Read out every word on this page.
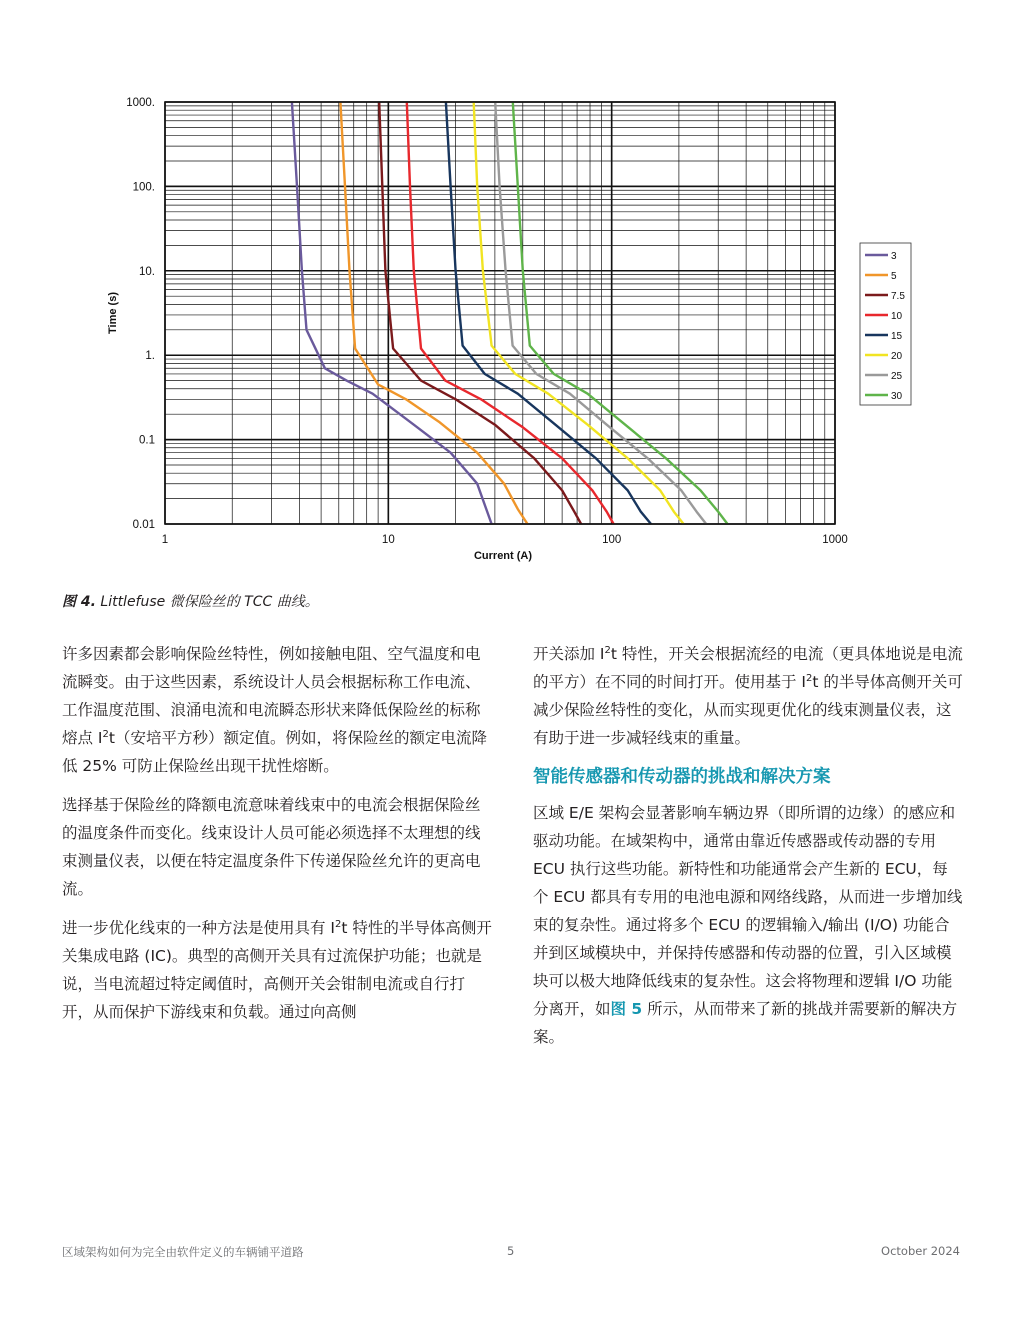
1	10	100	1000
1000.
100.
10.
1.
0.1
0.01
Current (A)
Time (s)
3
5
7.5
10
15
20
25
30
图 4. Littlefuse 微保险丝的 TCC 曲线。

许多因素都会影响保险丝特性，例如接触电阻、空气温度和电流瞬变。由于这些因素，系统设计人员会根据标称工作电流、工作温度范围、浪涌电流和电流瞬态形状来降低保险丝的标称熔点 $I^2t$（安培平方秒）额定值。例如，将保险丝的额定电流降低 25% 可防止保险丝出现干扰性熔断。

选择基于保险丝的降额电流意味着线束中的电流会根据保险丝的温度条件而变化。线束设计人员可能必须选择不太理想的线束测量仪表，以便在特定温度条件下传递保险丝允许的更高电流。

进一步优化线束的一种方法是使用具有 $I^2t$ 特性的半导体高侧开关集成电路 (IC)。典型的高侧开关具有过流保护功能；也就是说，当电流超过特定阈值时，高侧开关会钳制电流或自行打开，从而保护下游线束和负载。通过向高侧

开关添加 $I^2t$ 特性，开关会根据流经的电流（更具体地说是电流的平方）在不同的时间打开。使用基于 $I^2t$ 的半导体高侧开关可减少保险丝特性的变化，从而实现更优化的线束测量仪表，这有助于进一步减轻线束的重量。

智能传感器和传动器的挑战和解决方案

区域 E/E 架构会显著影响车辆边界（即所谓的边缘）的感应和驱动功能。在域架构中，通常由靠近传感器或传动器的专用 ECU 执行这些功能。新特性和功能通常会产生新的 ECU，每个 ECU 都具有专用的电池电源和网络线路，从而进一步增加线束的复杂性。通过将多个 ECU 的逻辑输入/输出 (I/O) 功能合并到区域模块中，并保持传感器和传动器的位置，引入区域模块可以极大地降低线束的复杂性。这会将物理和逻辑 I/O 功能分离开，如图 5 所示，从而带来了新的挑战并需要新的解决方案。

区域架构如何为完全由软件定义的车辆铺平道路	5	October 2024
